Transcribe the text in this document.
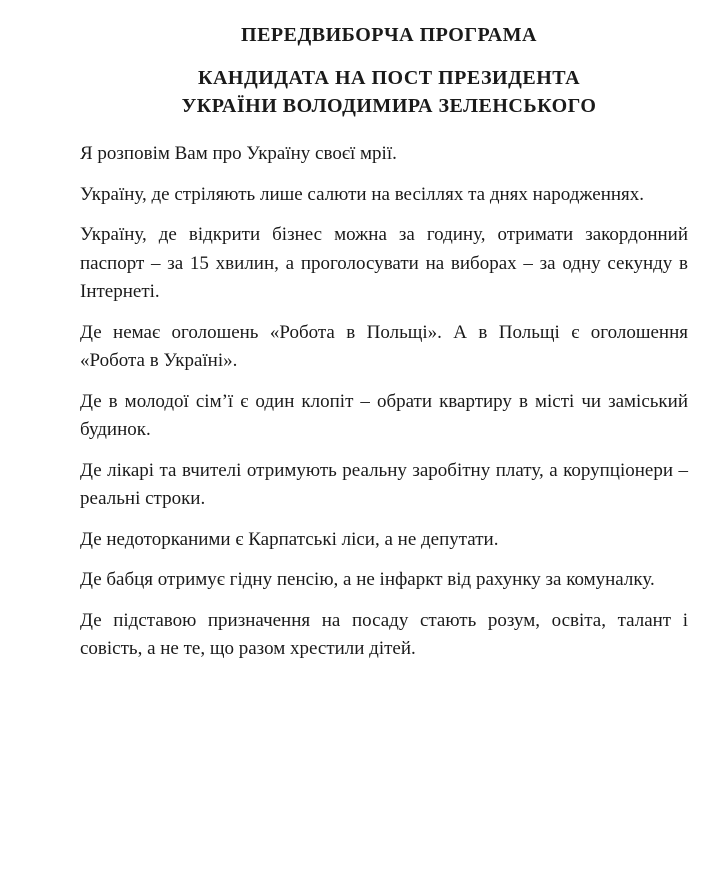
ПЕРЕДВИБОРЧА ПРОГРАМА

КАНДИДАТА НА ПОСТ ПРЕЗИДЕНТА
УКРАЇНИ ВОЛОДИМИРА ЗЕЛЕНСЬКОГО

Я розповім Вам про Україну своєї мрії.

Україну, де стріляють лише салюти на весіллях та днях народженнях.

Україну, де відкрити бізнес можна за годину, отримати закордонний паспорт – за 15 хвилин, а проголосувати на виборах – за одну секунду в Інтернеті.

Де немає оголошень «Робота в Польщі». А в Польщі є оголошення «Робота в Україні».

Де в молодої сім’ї є один клопіт – обрати квартиру в місті чи заміський будинок.

Де лікарі та вчителі отримують реальну заробітну плату, а корупціонери – реальні строки.

Де недоторканими є Карпатські ліси, а не депутати.

Де бабця отримує гідну пенсію, а не інфаркт від рахунку за комуналку.

Де підставою призначення на посаду стають розум, освіта, талант і совість, а не те, що разом хрестили дітей.
